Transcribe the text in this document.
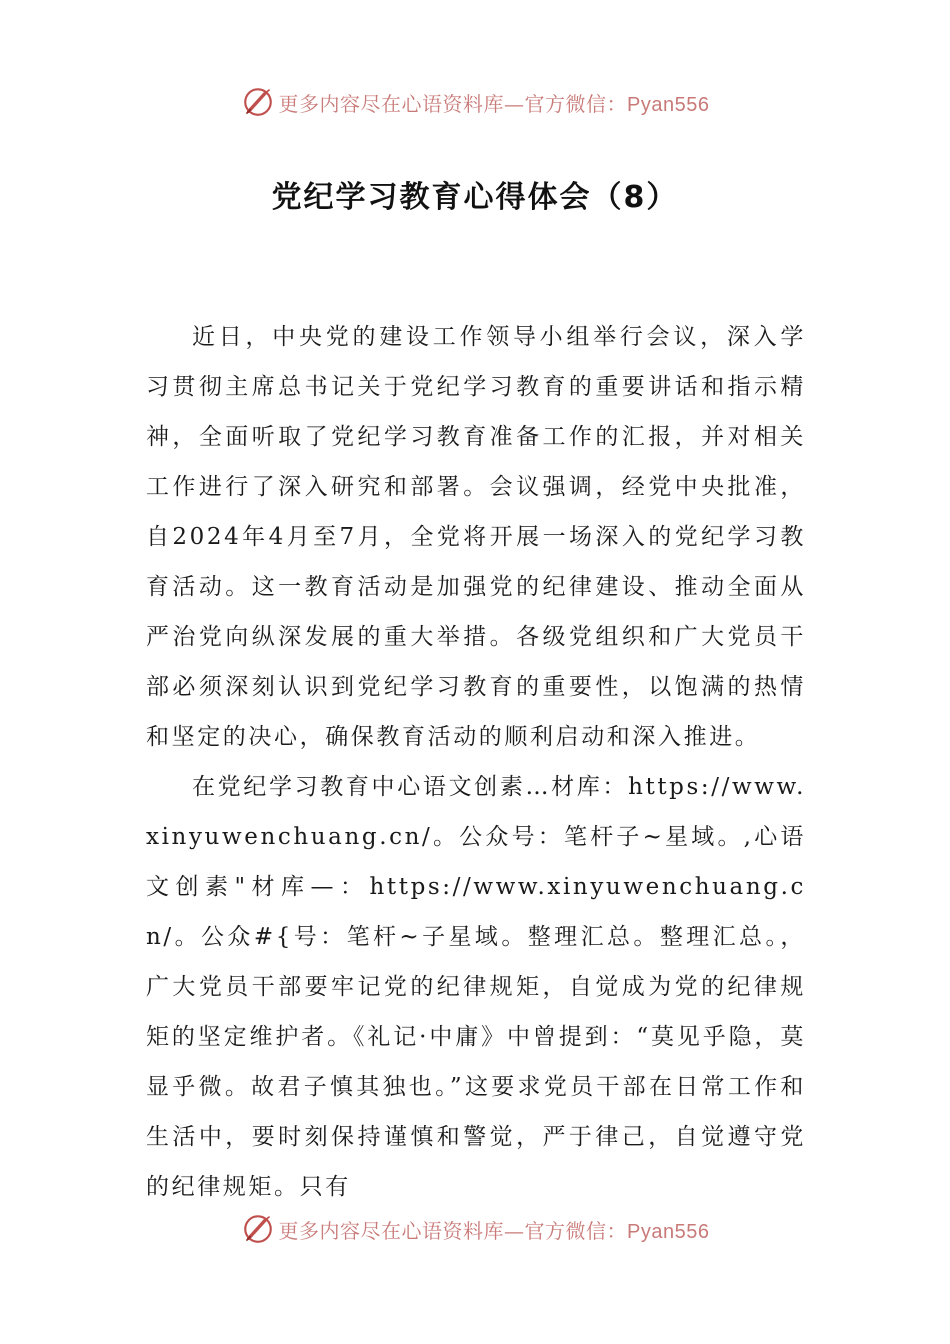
更多内容尽在心语资料库—官方微信：Pyan556
党纪学习教育心得体会（8）

近日，中央党的建设工作领导小组举行会议，深入学习贯彻主席总书记关于党纪学习教育的重要讲话和指示精神，全面听取了党纪学习教育准备工作的汇报，并对相关工作进行了深入研究和部署。会议强调，经党中央批准，自2024年4月至7月，全党将开展一场深入的党纪学习教育活动。这一教育活动是加强党的纪律建设、推动全面从严治党向纵深发展的重大举措。各级党组织和广大党员干部必须深刻认识到党纪学习教育的重要性，以饱满的热情和坚定的决心，确保教育活动的顺利启动和深入推进。

在党纪学习教育中心语文创素…材库：https://www.xinyuwenchuang.cn/。公众号：笔杆子~星域。,心语文创素"材库—：https://www.xinyuwenchuang.cn/。公众#{号：笔杆~子星域。整理汇总。整理汇总。，广大党员干部要牢记党的纪律规矩，自觉成为党的纪律规矩的坚定维护者。《礼记·中庸》中曾提到：“莫见乎隐，莫显乎微。故君子慎其独也。”这要求党员干部在日常工作和生活中，要时刻保持谨慎和警觉，严于律己，自觉遵守党的纪律规矩。只有

更多内容尽在心语资料库—官方微信：Pyan556
